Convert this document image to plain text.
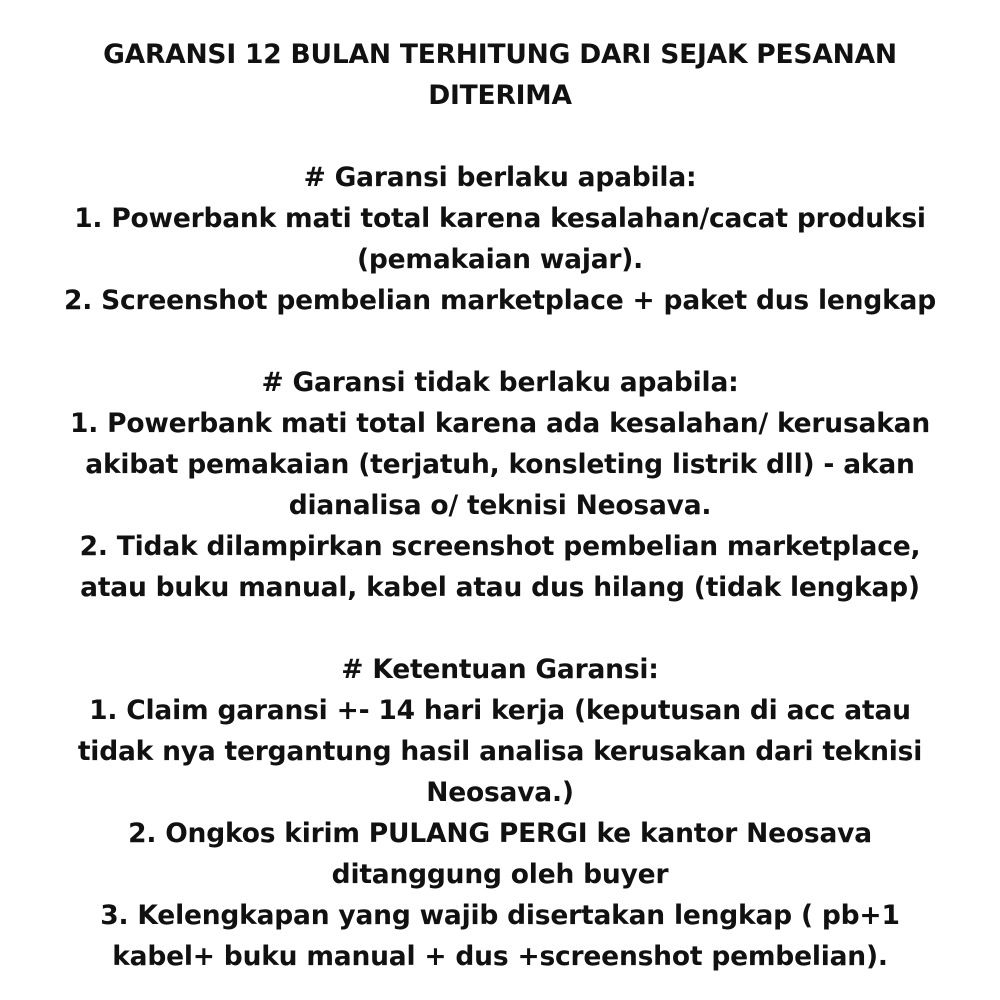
GARANSI 12 BULAN TERHITUNG DARI SEJAK PESANAN
DITERIMA
# Garansi berlaku apabila:
1. Powerbank mati total karena kesalahan/cacat produksi
(pemakaian wajar).
2. Screenshot pembelian marketplace + paket dus lengkap
# Garansi tidak berlaku apabila:
1. Powerbank mati total karena ada kesalahan/ kerusakan
akibat pemakaian (terjatuh, konsleting listrik dll) - akan
dianalisa o/ teknisi Neosava.
2. Tidak dilampirkan screenshot pembelian marketplace,
atau buku manual, kabel atau dus hilang (tidak lengkap)
# Ketentuan Garansi:
1. Claim garansi +- 14 hari kerja (keputusan di acc atau
tidak nya tergantung hasil analisa kerusakan dari teknisi
Neosava.)
2. Ongkos kirim PULANG PERGI ke kantor Neosava
ditanggung oleh buyer
3. Kelengkapan yang wajib disertakan lengkap ( pb+1
kabel+ buku manual + dus +screenshot pembelian).
